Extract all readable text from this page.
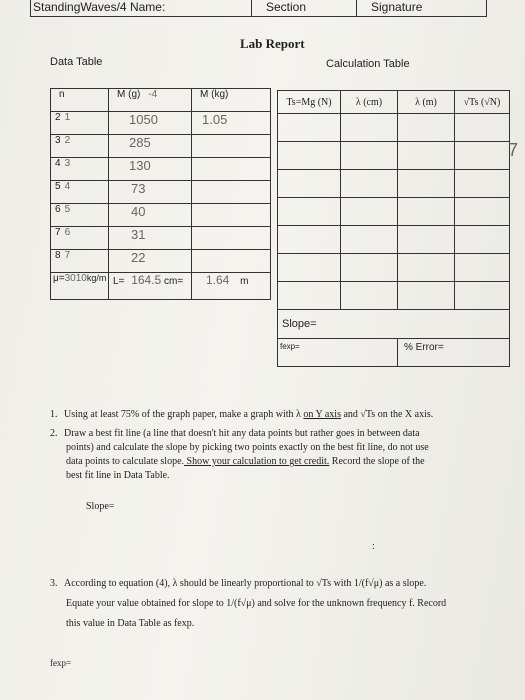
StandingWaves/4 Name:	Section	Signature
Lab Report
Data Table	Calculation Table
n	M (g) -4	M (kg)
2 1	1050	1.05
3 2	285	
4 3	130	
5 4	73	
6 5	40	
7 6	31	
8 7	22	
μ=3010kg/m	L= 164.5 cm=	1.64 m
Ts=Mg (N)	λ (cm)	λ (m)	√Ts (√N)

Slope=			
fexp=		% Error=	
7
1. Using at least 75% of the graph paper, make a graph with λ on Y axis and √Ts on the X axis.
2. Draw a best fit line (a line that doesn't hit any data points but rather goes in between data
points) and calculate the slope by picking two points exactly on the best fit line, do not use
data points to calculate slope. Show your calculation to get credit. Record the slope of the
best fit line in Data Table.
Slope=
:
3. According to equation (4), λ should be linearly proportional to √Ts with 1/(f√μ) as a slope.
Equate your value obtained for slope to 1/(f√μ) and solve for the unknown frequency f. Record
this value in Data Table as fexp.
fexp=
